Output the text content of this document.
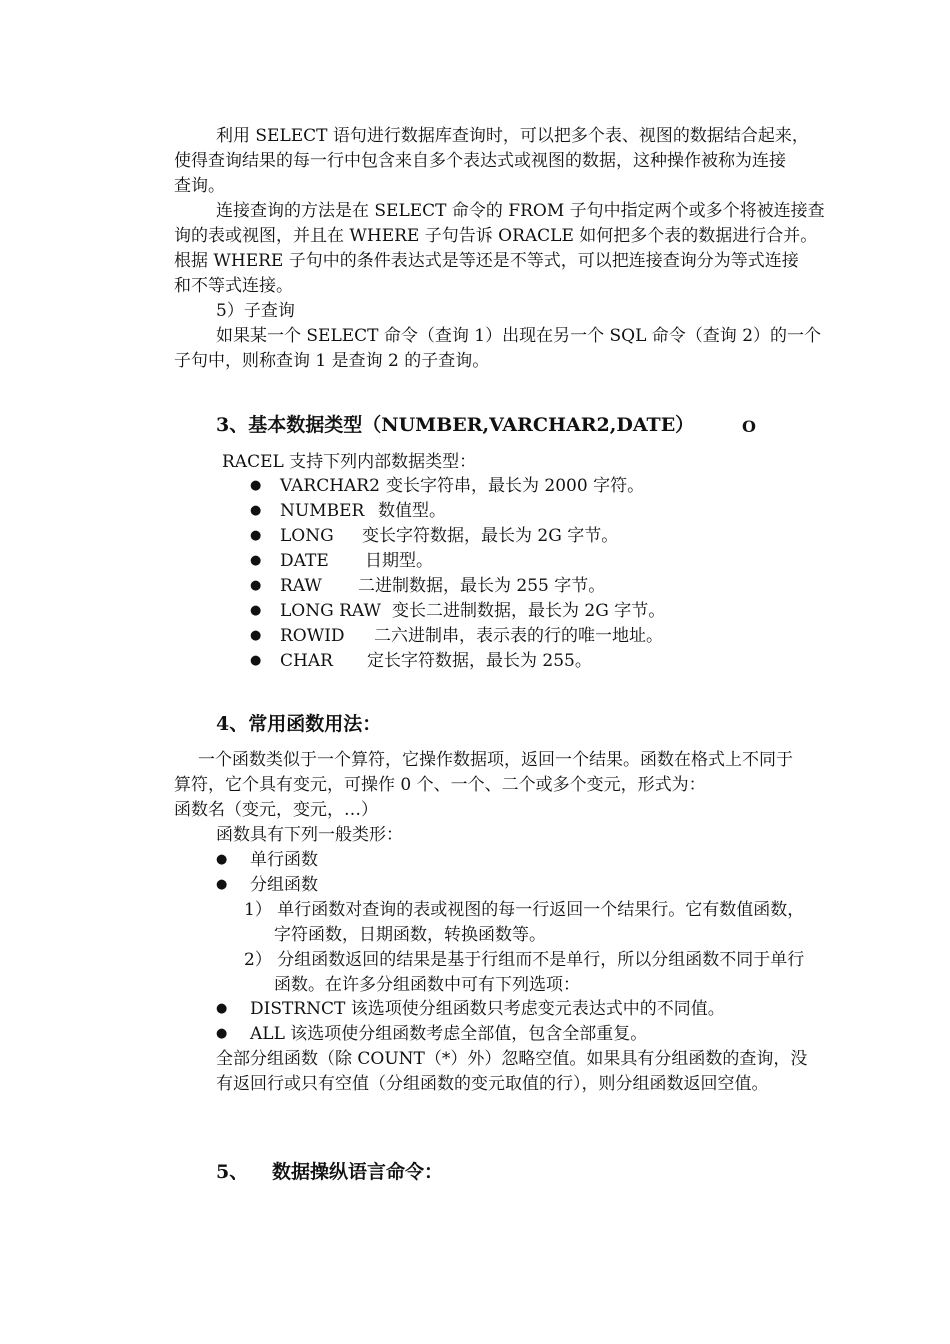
利用 SELECT 语句进行数据库查询时，可以把多个表、视图的数据结合起来，
使得查询结果的每一行中包含来自多个表达式或视图的数据，这种操作被称为连接
查询。
连接查询的方法是在 SELECT 命令的 FROM 子句中指定两个或多个将被连接查
询的表或视图，并且在 WHERE 子句告诉 ORACLE 如何把多个表的数据进行合并。
根据 WHERE 子句中的条件表达式是等还是不等式，可以把连接查询分为等式连接
和不等式连接。
5）子查询
如果某一个 SELECT 命令（查询 1）出现在另一个 SQL 命令（查询 2）的一个
子句中，则称查询 1 是查询 2 的子查询。
3、基本数据类型（NUMBER,VARCHAR2,DATE）	O
RACEL 支持下列内部数据类型：
● VARCHAR2 变长字符串，最长为 2000 字符。
● NUMBER 数值型。
● LONG 变长字符数据，最长为 2G 字节。
● DATE 日期型。
● RAW 二进制数据，最长为 255 字节。
● LONG RAW 变长二进制数据，最长为 2G 字节。
● ROWID 二六进制串，表示表的行的唯一地址。
● CHAR 定长字符数据，最长为 255。
4、常用函数用法：
一个函数类似于一个算符，它操作数据项，返回一个结果。函数在格式上不同于
算符，它个具有变元，可操作 0 个、一个、二个或多个变元，形式为：
函数名（变元，变元，…）
函数具有下列一般类形：
● 单行函数
● 分组函数
1） 单行函数对查询的表或视图的每一行返回一个结果行。它有数值函数，
字符函数，日期函数，转换函数等。
2） 分组函数返回的结果是基于行组而不是单行，所以分组函数不同于单行
函数。在许多分组函数中可有下列选项：
● DISTRNCT 该选项使分组函数只考虑变元表达式中的不同值。
● ALL 该选项使分组函数考虑全部值，包含全部重复。
全部分组函数（除 COUNT（*）外）忽略空值。如果具有分组函数的查询，没
有返回行或只有空值（分组函数的变元取值的行），则分组函数返回空值。
5、 数据操纵语言命令：
